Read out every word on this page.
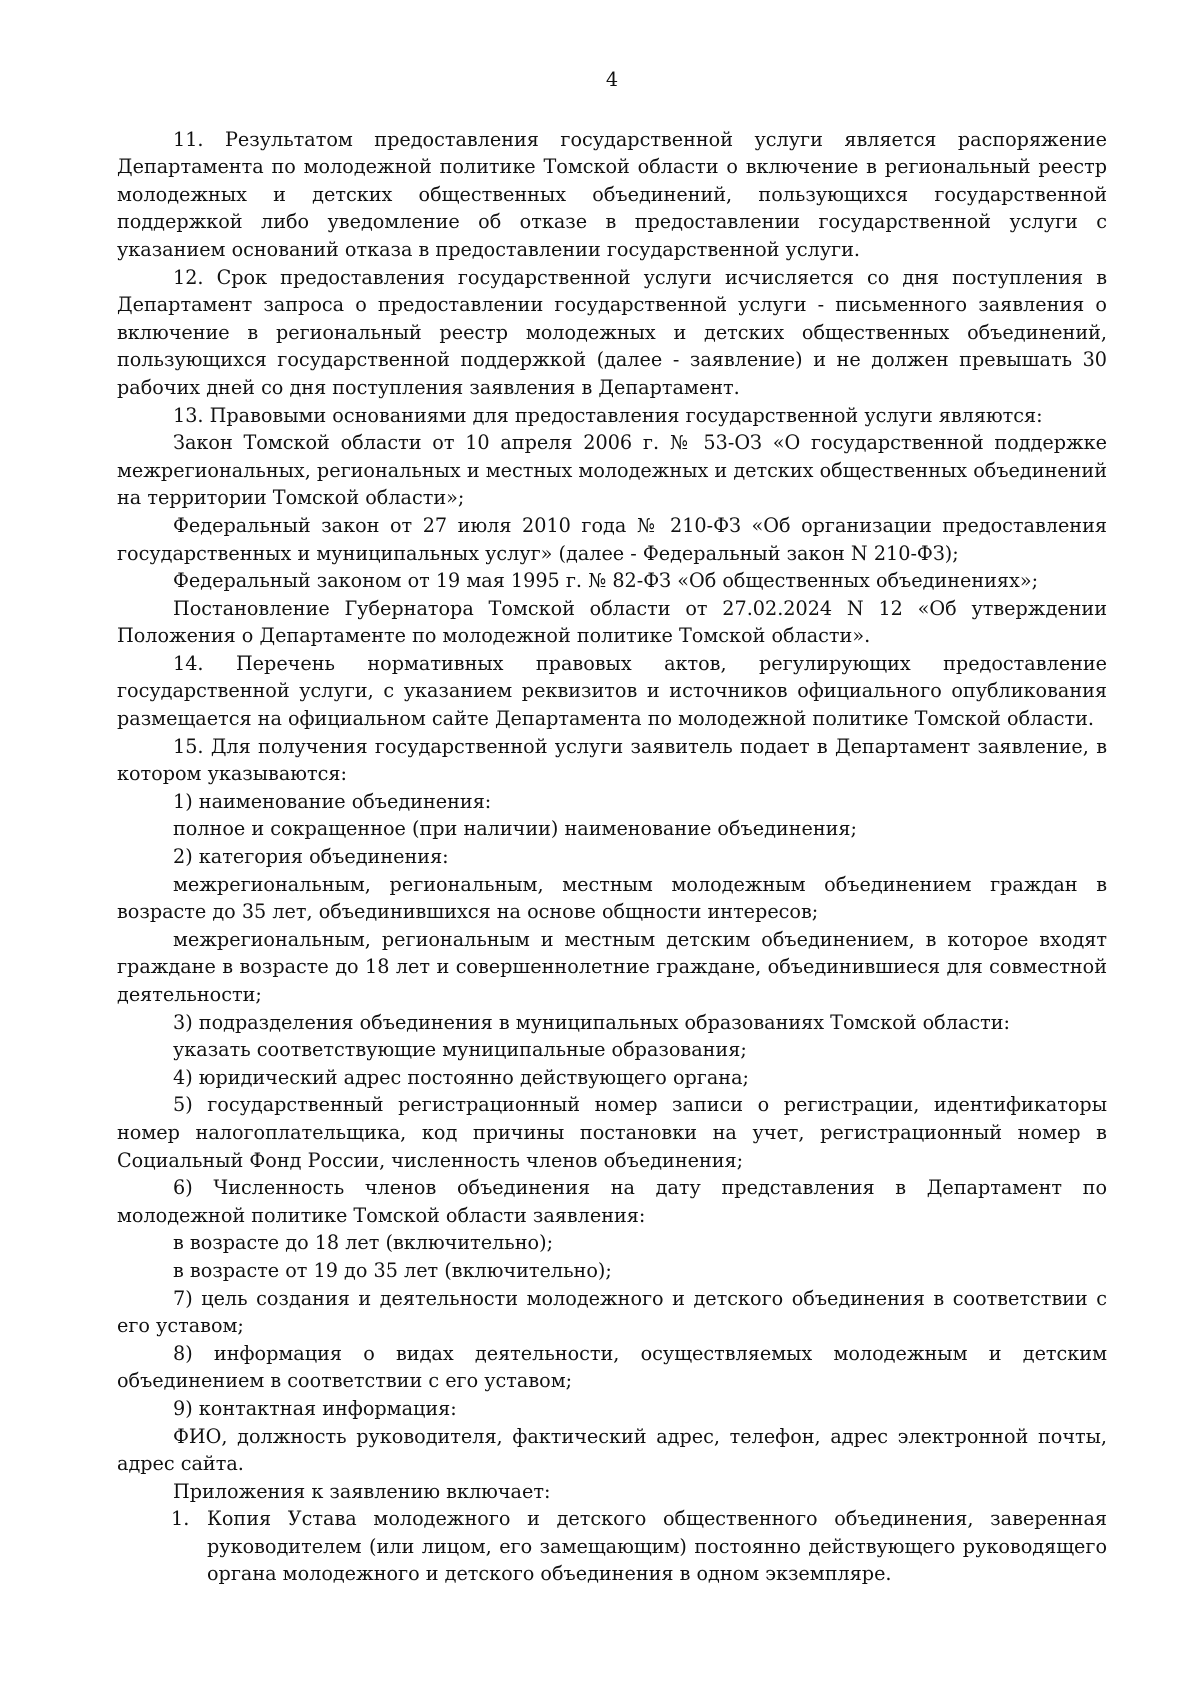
4

11. Результатом предоставления государственной услуги является распоряжение Департамента по молодежной политике Томской области о включение в региональный реестр молодежных и детских общественных объединений, пользующихся государственной поддержкой либо уведомление об отказе в предоставлении государственной услуги с указанием оснований отказа в предоставлении государственной услуги.

12. Срок предоставления государственной услуги исчисляется со дня поступления в Департамент запроса о предоставлении государственной услуги - письменного заявления о включение в региональный реестр молодежных и детских общественных объединений, пользующихся государственной поддержкой (далее - заявление) и не должен превышать 30 рабочих дней со дня поступления заявления в Департамент.

13. Правовыми основаниями для предоставления государственной услуги являются:

Закон Томской области от 10 апреля 2006 г. № 53-ОЗ «О государственной поддержке межрегиональных, региональных и местных молодежных и детских общественных объединений на территории Томской области»;

Федеральный закон от 27 июля 2010 года № 210-ФЗ «Об организации предоставления государственных и муниципальных услуг» (далее - Федеральный закон N 210-ФЗ);

Федеральный законом от 19 мая 1995 г. № 82-ФЗ «Об общественных объединениях»;

Постановление Губернатора Томской области от 27.02.2024 N 12 «Об утверждении Положения о Департаменте по молодежной политике Томской области».

14. Перечень нормативных правовых актов, регулирующих предоставление государственной услуги, с указанием реквизитов и источников официального опубликования размещается на официальном сайте Департамента по молодежной политике Томской области.

15. Для получения государственной услуги заявитель подает в Департамент заявление, в котором указываются:

1) наименование объединения:

полное и сокращенное (при наличии) наименование объединения;

2) категория объединения:

межрегиональным, региональным, местным молодежным объединением граждан в возрасте до 35 лет, объединившихся на основе общности интересов;

межрегиональным, региональным и местным детским объединением, в которое входят граждане в возрасте до 18 лет и совершеннолетние граждане, объединившиеся для совместной деятельности;

3) подразделения объединения в муниципальных образованиях Томской области:

указать соответствующие муниципальные образования;

4) юридический адрес постоянно действующего органа;

5) государственный регистрационный номер записи о регистрации, идентификаторы номер налогоплательщика, код причины постановки на учет, регистрационный номер в Социальный Фонд России, численность членов объединения;

6) Численность членов объединения на дату представления в Департамент по молодежной политике Томской области заявления:

в возрасте до 18 лет (включительно);

в возрасте от 19 до 35 лет (включительно);

7) цель создания и деятельности молодежного и детского объединения в соответствии с его уставом;

8) информация о видах деятельности, осуществляемых молодежным и детским объединением в соответствии с его уставом;

9) контактная информация:

ФИО, должность руководителя, фактический адрес, телефон, адрес электронной почты, адрес сайта.

Приложения к заявлению включает:

1. Копия Устава молодежного и детского общественного объединения, заверенная руководителем (или лицом, его замещающим) постоянно действующего руководящего органа молодежного и детского объединения в одном экземпляре.
